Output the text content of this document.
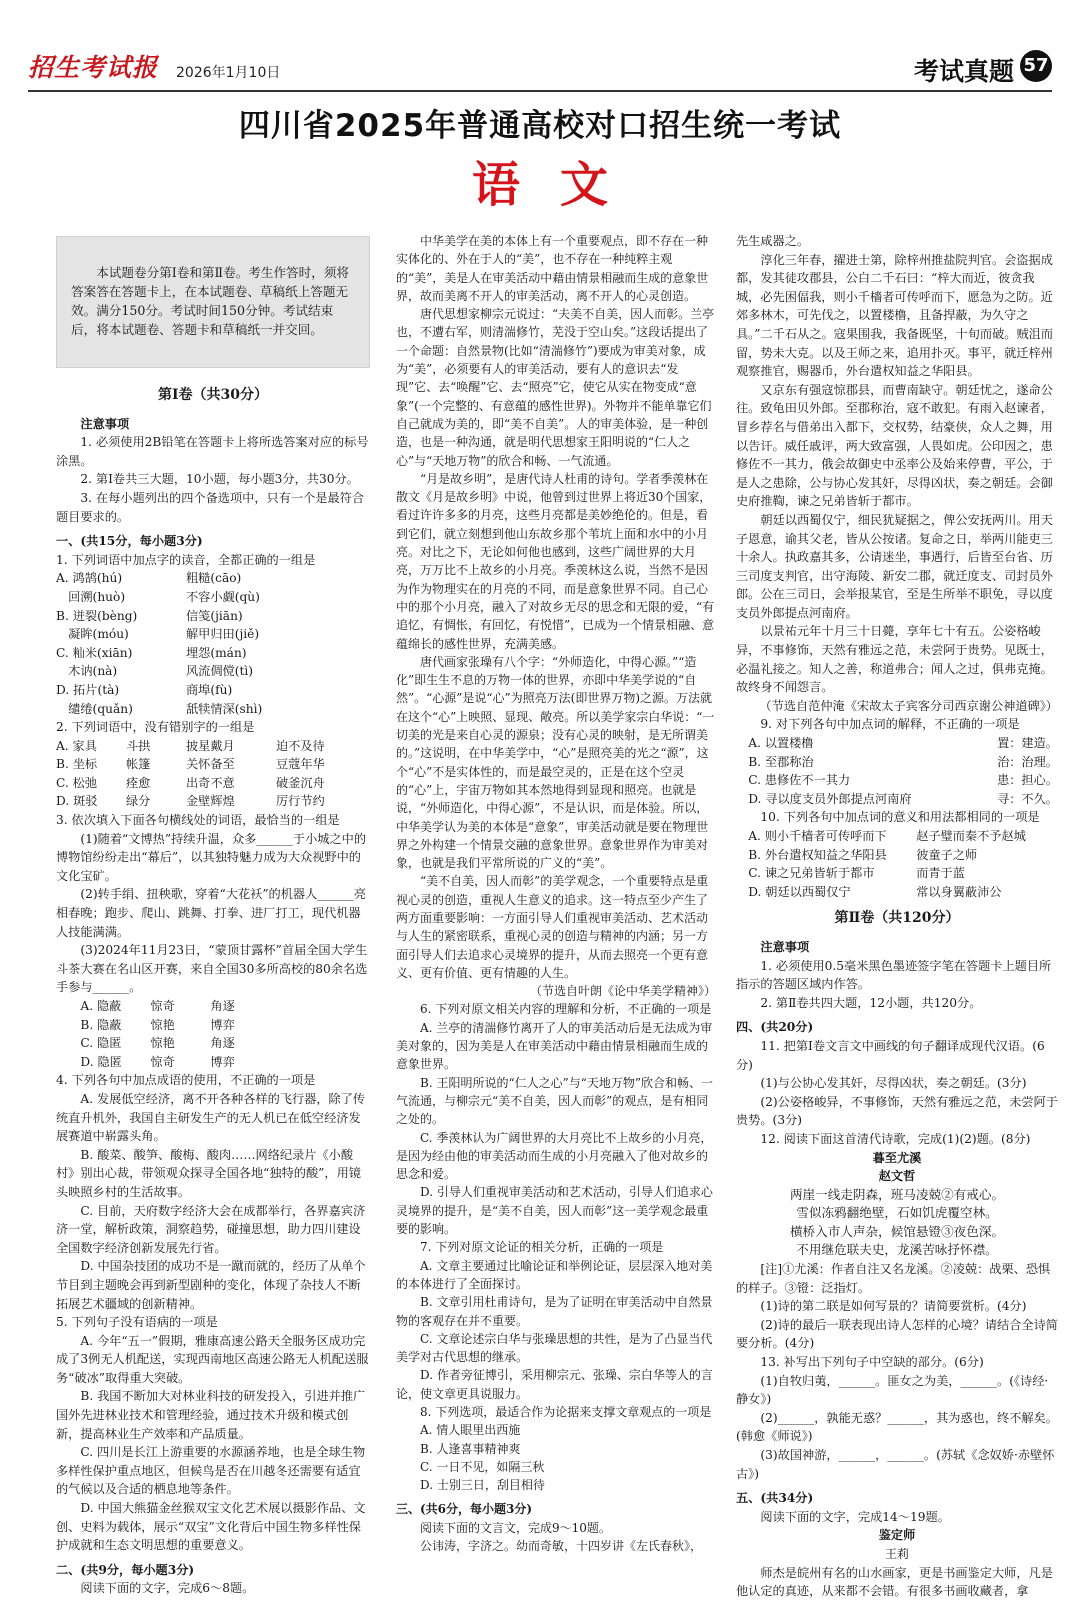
招生考试报 2026年1月10日	考试真题 57
四川省2025年普通高校对口招生统一考试
语文

本试题卷分第Ⅰ卷和第Ⅱ卷。考生作答时，须将答案答在答题卡上，在本试题卷、草稿纸上答题无效。满分150分。考试时间150分钟。考试结束后，将本试题卷、答题卡和草稿纸一并交回。

第Ⅰ卷（共30分）

注意事项

1. 必须使用2B铅笔在答题卡上将所选答案对应的标号涂黑。

2. 第Ⅰ卷共三大题，10小题，每小题3分，共30分。

3. 在每小题列出的四个备选项中，只有一个是最符合题目要求的。

一、(共15分，每小题3分)

1. 下列词语中加点字的读音，全都正确的一组是

A. 鸿鹄(hú)	粗糙(cāo)
　回溯(huò)	不容小觑(qù)
B. 迸裂(bèng)	信笺(jiān)
　凝眸(móu)	解甲归田(jiě)
C. 籼米(xiān)	埋怨(mán)
　木讷(nà)	风流倜傥(tì)
D. 拓片(tà)	商埠(fù)
　缱绻(quǎn)	舐犊情深(shì)

2. 下列词语中，没有错别字的一组是

A. 家具 斗拱	披星戴月	迫不及待
B. 坐标 帐篷	关怀备至	豆蔻年华
C. 松弛 痊愈	出奇不意	破釜沉舟
D. 斑驳 绿分	金壁辉煌	厉行节约

3. 依次填入下面各句横线处的词语，最恰当的一组是

(1)随着“文博热”持续升温，众多______于小城之中的博物馆纷纷走出“幕后”，以其独特魅力成为大众视野中的文化宝矿。

(2)转手绢、扭秧歌，穿着“大花袄”的机器人______亮相春晚；跑步、爬山、跳舞、打拳、进厂打工，现代机器人技能满满。

(3)2024年11月23日，“蒙顶甘露杯”首届全国大学生斗茶大赛在名山区开赛，来自全国30多所高校的80余名选手参与______。

A. 隐蔽 惊奇	角逐
B. 隐蔽 惊艳	博弈
C. 隐匿 惊艳	角逐
D. 隐匿 惊奇	博弈

4. 下列各句中加点成语的使用，不正确的一项是

A. 发展低空经济，离不开各种各样的飞行器，除了传统直升机外，我国自主研发生产的无人机已在低空经济发展赛道中崭露头角。

B. 酸菜、酸笋、酸梅、酸肉……网络纪录片《小酸村》别出心裁，带领观众探寻全国各地“独特的酸”，用镜头映照乡村的生活故事。

C. 目前，天府数字经济大会在成都举行，各界嘉宾济济一堂，解析政策，洞察趋势，碰撞思想，助力四川建设全国数字经济创新发展先行省。

D. 中国杂技团的成功不是一蹴而就的，经历了从单个节目到主题晚会再到新型剧种的变化，体现了杂技人不断拓展艺术疆域的创新精神。

5. 下列句子没有语病的一项是

A. 今年“五一”假期，雅康高速公路天全服务区成功完成了3例无人机配送，实现西南地区高速公路无人机配送服务“破冰”取得重大突破。

B. 我国不断加大对林业科技的研发投入，引进并推广国外先进林业技术和管理经验，通过技术升级和模式创新，提高林业生产效率和产品质量。

C. 四川是长江上游重要的水源涵养地，也是全球生物多样性保护重点地区，但候鸟是否在川越冬还需要有适宜的气候以及合适的栖息地等条件。

D. 中国大熊猫金丝猴双宝文化艺术展以摄影作品、文创、史料为载体，展示“双宝”文化背后中国生物多样性保护成就和生态文明思想的重要意义。

二、(共9分，每小题3分)

阅读下面的文字，完成6～8题。

中华美学在美的本体上有一个重要观点，即不存在一种实体化的、外在于人的“美”，也不存在一种纯粹主观的“美”，美是人在审美活动中藉由情景相融而生成的意象世界，故而美离不开人的审美活动，离不开人的心灵创造。

唐代思想家柳宗元说过：“夫美不自美，因人而彰。兰亭也，不遭右军，则清湍修竹，芜没于空山矣。”这段话提出了一个命题：自然景物(比如“清湍修竹”)要成为审美对象，成为“美”，必须要有人的审美活动，要有人的意识去“发现”它、去“唤醒”它、去“照亮”它，使它从实在物变成“意象”(一个完整的、有意蕴的感性世界)。外物并不能单靠它们自己就成为美的，即“美不自美”。人的审美体验，是一种创造，也是一种沟通，就是明代思想家王阳明说的“仁人之心”与“天地万物”的欣合和畅、一气流通。

“月是故乡明”，是唐代诗人杜甫的诗句。学者季羡林在散文《月是故乡明》中说，他曾到过世界上将近30个国家，看过许许多多的月亮，这些月亮都是美妙绝伦的。但是，看到它们，就立刻想到他山东故乡那个苇坑上面和水中的小月亮。对比之下，无论如何他也感到，这些广阔世界的大月亮，万万比不上故乡的小月亮。季羡林这么说，当然不是因为作为物理实在的月亮的不同，而是意象世界不同。自己心中的那个小月亮，融入了对故乡无尽的思念和无限的爱，“有追忆，有惆怅，有回忆，有悦惜”，已成为一个情景相融、意蕴绵长的感性世界，充满美感。

唐代画家张璪有八个字：“外师造化，中得心源。”“造化”即生生不息的万物一体的世界，亦即中华美学说的“自然”。“心源”是说“心”为照亮万法(即世界万物)之源。万法就在这个“心”上映照、显现、敞亮。所以美学家宗白华说：“一切美的光是来自心灵的源泉；没有心灵的映射，是无所谓美的。”这说明，在中华美学中，“心”是照亮美的光之“源”，这个“心”不是实体性的，而是最空灵的，正是在这个空灵的“心”上，宇宙万物如其本然地得到显现和照亮。也就是说，“外师造化，中得心源”，不是认识，而是体验。所以，中华美学认为美的本体是“意象”，审美活动就是要在物理世界之外构建一个情景交融的意象世界。意象世界作为审美对象，也就是我们平常所说的广义的“美”。

“美不自美，因人而彰”的美学观念，一个重要特点是重视心灵的创造，重视人生意义的追求。这一特点至少产生了两方面重要影响：一方面引导人们重视审美活动、艺术活动与人生的紧密联系，重视心灵的创造与精神的内涵；另一方面引导人们去追求心灵境界的提升，从而去照亮一个更有意义、更有价值、更有情趣的人生。

（节选自叶朗《论中华美学精神》）

6. 下列对原文相关内容的理解和分析，不正确的一项是

A. 兰亭的清湍修竹离开了人的审美活动后是无法成为审美对象的，因为美是人在审美活动中藉由情景相融而生成的意象世界。

B. 王阳明所说的“仁人之心”与“天地万物”欣合和畅、一气流通，与柳宗元“美不自美，因人而彰”的观点，是有相同之处的。

C. 季羡林认为广阔世界的大月亮比不上故乡的小月亮，是因为经由他的审美活动而生成的小月亮融入了他对故乡的思念和爱。

D. 引导人们重视审美活动和艺术活动，引导人们追求心灵境界的提升，是“美不自美，因人而彰”这一美学观念最重要的影响。

7. 下列对原文论证的相关分析，正确的一项是

A. 文章主要通过比喻论证和举例论证，层层深入地对美的本体进行了全面探讨。

B. 文章引用杜甫诗句，是为了证明在审美活动中自然景物的客观存在并不重要。

C. 文章论述宗白华与张璪思想的共性，是为了凸显当代美学对古代思想的继承。

D. 作者旁征博引，采用柳宗元、张璪、宗白华等人的言论，使文章更具说服力。

8. 下列选项，最适合作为论据来支撑文章观点的一项是

A. 情人眼里出西施

B. 人逢喜事精神爽

C. 一日不见，如隔三秋

D. 士别三日，刮目相待

三、(共6分，每小题3分)

阅读下面的文言文，完成9～10题。

公讳涛，字济之。幼而奇敏，十四岁讲《左氏春秋》，

先生咸器之。

淳化三年春，擢进士第，除梓州推盐院判官。会盗据成都，发其徒攻郡县，公白二千石曰：“梓大而近，彼贪我城，必先困偪我，则小千檣者可传呼而下，愿急为之防。近郊多林木，可先伐之，以置楼橹，且备捍蔽，为久守之具。”二千石从之。寇果围我，我备既坚，十旬而破。贼沮而留，势未大克。以及王师之来，追用扑灭。事平，就迁梓州观察推官，赐器币，外台遣权知益之华阳县。

又京东有强寇惊郡县，而曹南缺守。朝廷忧之，遂命公往。致龟田贝外郎。至郡称治，寇不敢犯。有雨入赵谏者，冒乡荐名与借弟出入都下，交权势，结豪侠，众人之舞，用以告讦。威任戚评，两大致富强，人畏如虎。公印因之，患修佐不一其力，俄会故御史中丞率公及始来停曹，平公，于是人之患除，公与协心发其奸，尽得凶状，奏之朝廷。会御史府推鞫，谏之兄弟皆斩于都市。

朝廷以西蜀仅宁，细民犹疑据之，俾公安抚两川。用天子恩意，谕其父老，皆从公按诸。复命之日，举两川能吏三十余人。执政嘉其多，公请迷坐，事遇行，后皆至台省、历三司度支判官，出守海陵、新安二郡，就迁度支、司封员外郎。公在三司日，会举报某官，至是生所举不职免，寻以度支员外郎提点河南府。

以景祐元年十月三十日薨，享年七十有五。公姿格峻异，不事修饰，天然有雅远之范，未尝阿于贵势。见既士，必温礼接之。知人之善，称道弗合；闻人之过，俱弗克掩。故终身不闻怨言。

（节选自范仲淹《宋故太子宾客分司西京谢公神道碑》）

9. 对下列各句中加点词的解释，不正确的一项是

A. 以置楼橹	置：建造。
B. 至郡称治	治：治理。
C. 患修佐不一其力	患：担心。
D. 寻以度支员外郎提点河南府	寻：不久。

10. 下列各句中加点词的意义和用法都相同的一项是

A. 则小千樯者可传呼而下 赵子璧而秦不予赵城
B. 外台遣权知益之华阳县 彼童子之师
C. 谏之兄弟皆斩于都市	而青于蓝
D. 朝廷以西蜀仅宁	常以身翼蔽沛公
第Ⅱ卷（共120分）

注意事项

1. 必须使用0.5毫米黑色墨迹签字笔在答题卡上题目所指示的答题区域内作答。

2. 第Ⅱ卷共四大题，12小题，共120分。

四、(共20分)

11. 把第Ⅰ卷文言文中画线的句子翻译成现代汉语。(6分)

(1)与公协心发其奸，尽得凶状，奏之朝廷。(3分)

(2)公姿格峻异，不事修饰，天然有雅远之范，未尝阿于贵势。(3分)

12. 阅读下面这首清代诗歌，完成(1)(2)题。(8分)

暮至尤溪

赵文哲

两崖一线走阴森，班马凌兢②有戒心。

雪似冻鸦翻绝壁，石如饥虎覆空林。

横桥入市人声杂，候馆悬镫③夜色深。

不用继危联夫史，龙溪苦咏抒怀襟。

[注]①尤溪：作者自注又名龙溪。②凌兢：战栗、恐惧的样子。③镫：泛指灯。

(1)诗的第二联是如何写景的？请简要赏析。(4分)

(2)诗的最后一联表现出诗人怎样的心境？请结合全诗简要分析。(4分)

13. 补写出下列句子中空缺的部分。(6分)

(1)自牧归荑，______。匪女之为美，______。(《诗经·静女》)

(2)______，孰能无惑？______，其为惑也，终不解矣。(韩愈《师说》)

(3)故国神游，______，______。(苏轼《念奴娇·赤壁怀古》)

五、(共34分)

阅读下面的文字，完成14～19题。

鉴定师

王莉

师杰是皖州有名的山水画家，更是书画鉴定大师，凡是他认定的真迹，从来都不会错。有很多书画收藏者，拿
